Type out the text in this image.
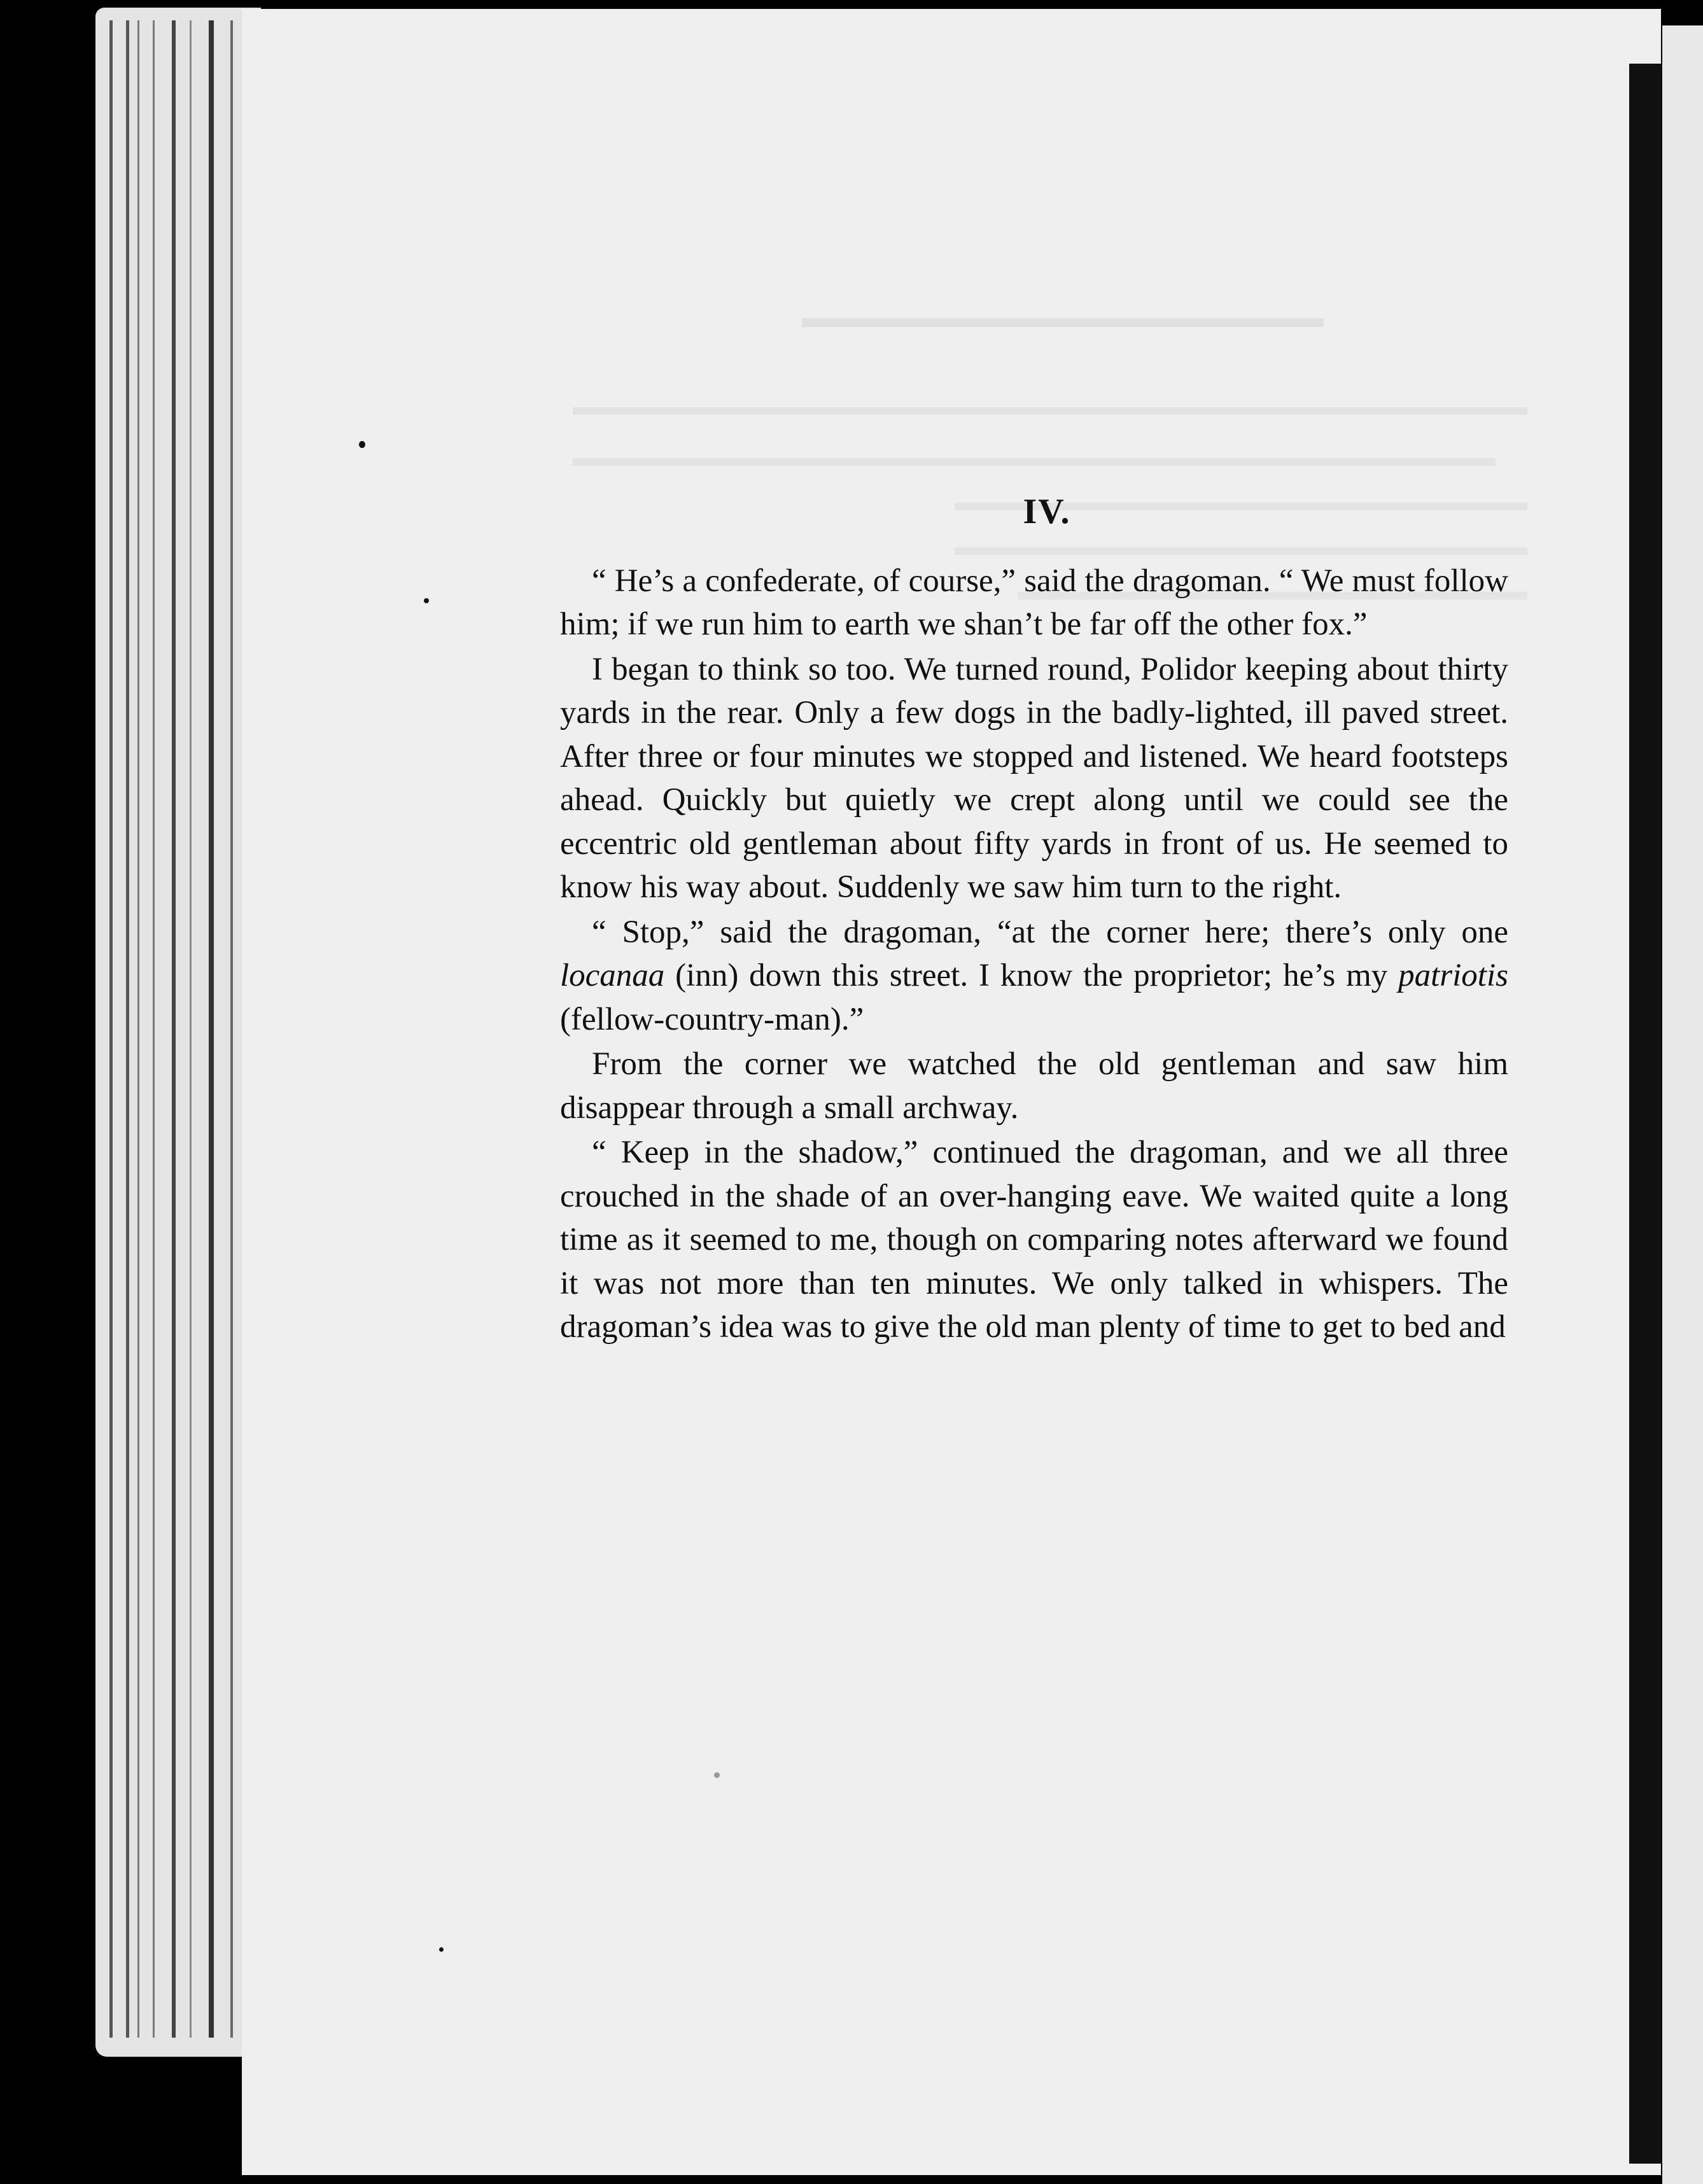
IV.

“ He’s a confederate, of course,” said the dragoman. “ We must follow him; if we run him to earth we shan’t be far off the other fox.”

I began to think so too. We turned round, Polidor keeping about thirty yards in the rear. Only a few dogs in the badly-lighted, ill paved street. After three or four minutes we stopped and listened. We heard footsteps ahead. Quickly but quietly we crept along until we could see the eccentric old gentleman about fifty yards in front of us. He seemed to know his way about. Suddenly we saw him turn to the right.

“ Stop,” said the dragoman, “at the corner here; there’s only one locanaa (inn) down this street. I know the proprietor; he’s my patriotis (fellow-country-man).”

From the corner we watched the old gentleman and saw him disappear through a small archway.

“ Keep in the shadow,” continued the dragoman, and we all three crouched in the shade of an over-hanging eave. We waited quite a long time as it seemed to me, though on comparing notes afterward we found it was not more than ten minutes. We only talked in whispers. The dragoman’s idea was to give the old man plenty of time to get to bed and
